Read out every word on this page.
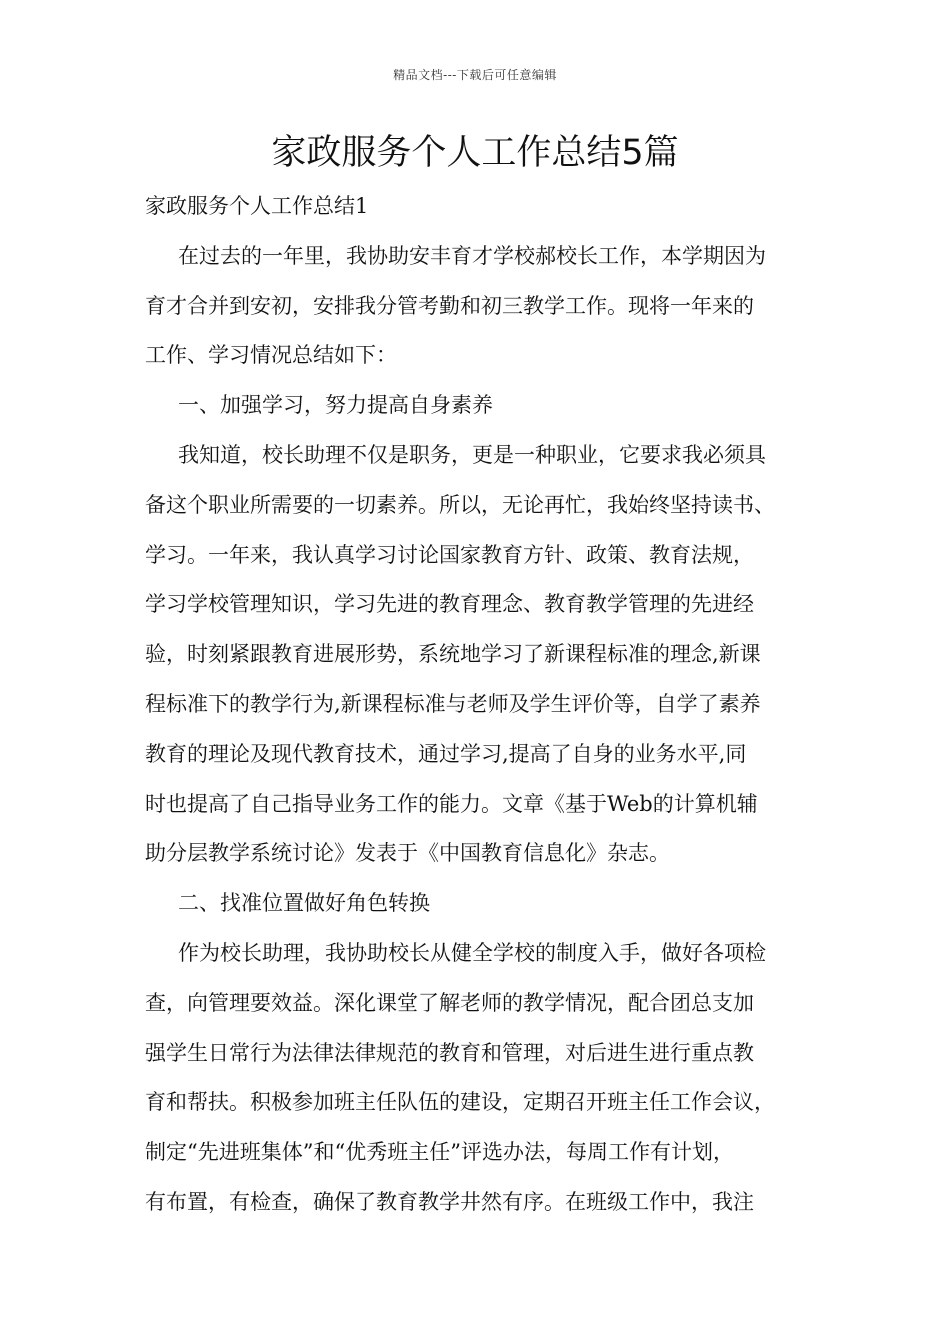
精品文档---下载后可任意编辑
家政服务个人工作总结5篇
家政服务个人工作总结1
在过去的一年里，我协助安丰育才学校郝校长工作，本学期因为
育才合并到安初，安排我分管考勤和初三教学工作。现将一年来的
工作、学习情况总结如下：
一、加强学习，努力提高自身素养
我知道，校长助理不仅是职务，更是一种职业，它要求我必须具
备这个职业所需要的一切素养。所以，无论再忙，我始终坚持读书、
学习。一年来，我认真学习讨论国家教育方针、政策、教育法规，
学习学校管理知识，学习先进的教育理念、教育教学管理的先进经
验，时刻紧跟教育进展形势，系统地学习了新课程标准的理念,新课
程标准下的教学行为,新课程标准与老师及学生评价等，自学了素养
教育的理论及现代教育技术，通过学习,提高了自身的业务水平,同
时也提高了自己指导业务工作的能力。文章《基于Web的计算机辅
助分层教学系统讨论》发表于《中国教育信息化》杂志。
二、找准位置做好角色转换
作为校长助理，我协助校长从健全学校的制度入手，做好各项检
查，向管理要效益。深化课堂了解老师的教学情况，配合团总支加
强学生日常行为法律法律规范的教育和管理，对后进生进行重点教
育和帮扶。积极参加班主任队伍的建设，定期召开班主任工作会议，
制定“先进班集体”和“优秀班主任”评选办法，每周工作有计划，
有布置，有检查，确保了教育教学井然有序。在班级工作中，我注
